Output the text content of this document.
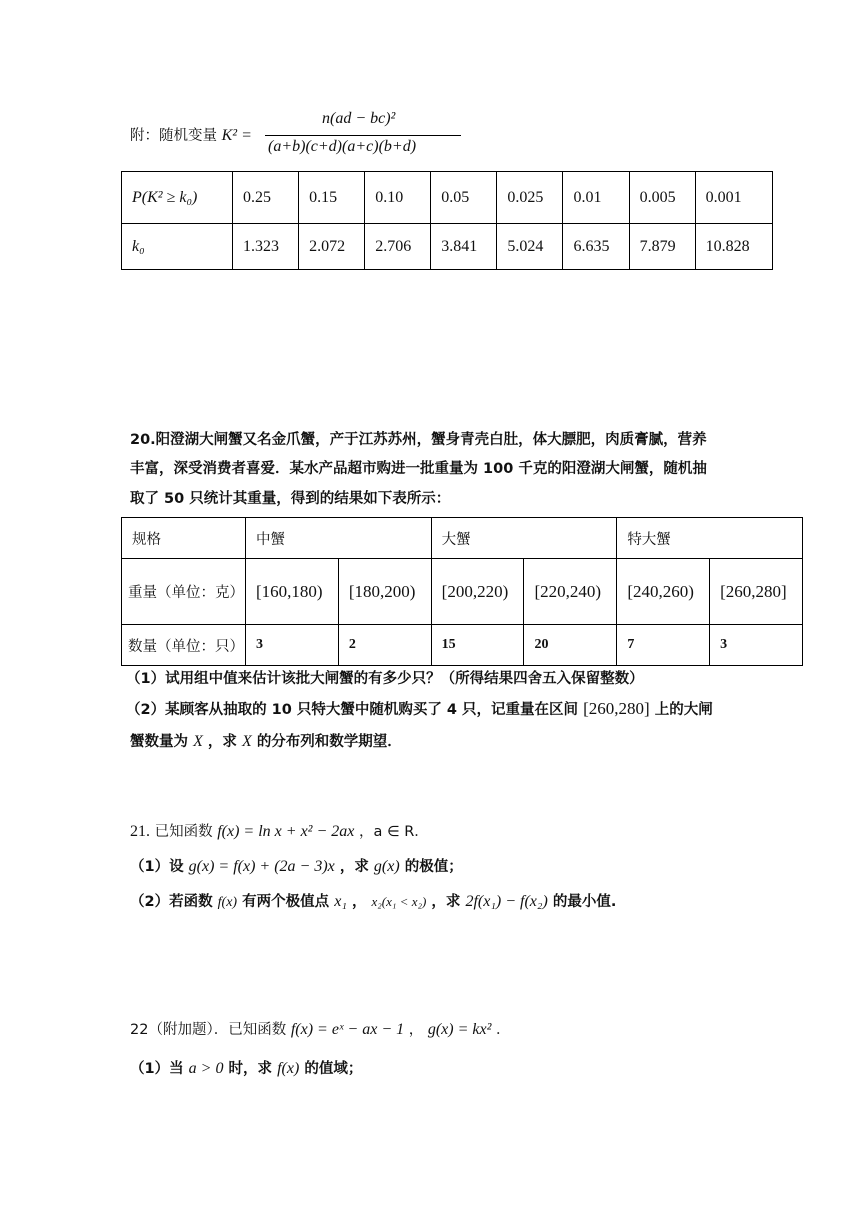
附：随机变量 K² =
n(ad − bc)²
(a+b)(c+d)(a+c)(b+d)
P(K² ≥ k₀)	0.25	0.15	0.10	0.05	0.025	0.01	0.005	0.001
k₀	1.323	2.072	2.706	3.841	5.024	6.635	7.879	10.828
20.阳澄湖大闸蟹又名金爪蟹，产于江苏苏州，蟹身青壳白肚，体大膘肥，肉质膏腻，营养
丰富，深受消费者喜爱．某水产品超市购进一批重量为 100 千克的阳澄湖大闸蟹，随机抽
取了 50 只统计其重量，得到的结果如下表所示：
规格	中蟹		大蟹		特大蟹	
重量（单位：克）	[160,180)	[180,200)	[200,220)	[220,240)	[240,260)	[260,280]
数量（单位：只）	3	2	15	20	7	3
（1）试用组中值来估计该批大闸蟹的有多少只？（所得结果四舍五入保留整数）
（2）某顾客从抽取的 10 只特大蟹中随机购买了 4 只，记重量在区间 [260,280] 上的大闸
蟹数量为 X ，求 X 的分布列和数学期望．
21. 已知函数 f(x) = ln x + x² − 2ax ，a ∈ R．
（1）设 g(x) = f(x) + (2a − 3)x ，求 g(x) 的极值；
（2）若函数 f(x) 有两个极值点 x₁ ， x₂(x₁ < x₂) ，求 2f(x₁) − f(x₂) 的最小值.
22（附加题）．已知函数 f(x) = eˣ − ax − 1 ， g(x) = kx² ．
（1）当 a > 0 时，求 f(x) 的值域；
